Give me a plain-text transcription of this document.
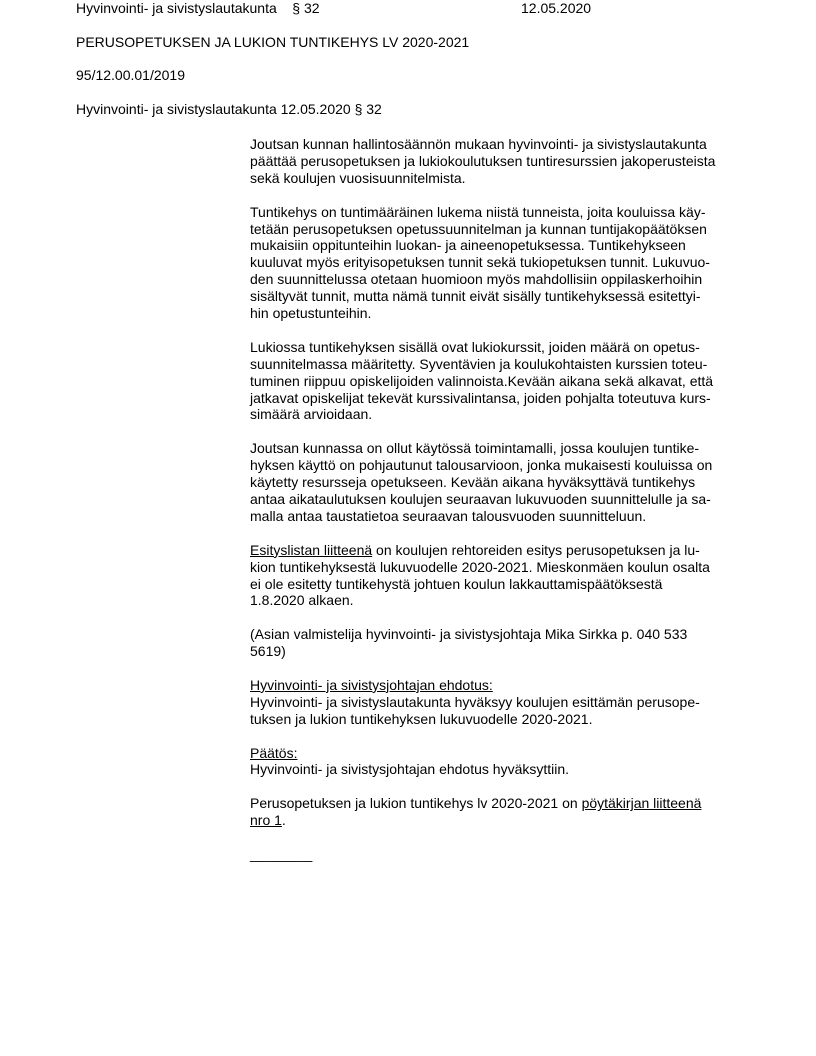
Hyvinvointi- ja sivistyslautakunta    § 32	12.05.2020
PERUSOPETUKSEN JA LUKION TUNTIKEHYS LV 2020-2021
95/12.00.01/2019
Hyvinvointi- ja sivistyslautakunta 12.05.2020 § 32

Joutsan kunnan hallintosäännön mukaan hyvinvointi- ja sivistyslautakunta
päättää perusopetuksen ja lukiokoulutuksen tuntiresurssien jakoperusteista
sekä koulujen vuosisuunnitelmista.

Tuntikehys on tuntimääräinen lukema niistä tunneista, joita kouluissa käy-
tetään perusopetuksen opetussuunnitelman ja kunnan tuntijakopäätöksen
mukaisiin oppitunteihin luokan- ja aineenopetuksessa. Tuntikehykseen
kuuluvat myös erityisopetuksen tunnit sekä tukiopetuksen tunnit. Lukuvuo-
den suunnittelussa otetaan huomioon myös mahdollisiin oppilaskerhoihin
sisältyvät tunnit, mutta nämä tunnit eivät sisälly tuntikehyksessä esitettyi-
hin opetustunteihin.

Lukiossa tuntikehyksen sisällä ovat lukiokurssit, joiden määrä on opetus-
suunnitelmassa määritetty. Syventävien ja koulukohtaisten kurssien toteu-
tuminen riippuu opiskelijoiden valinnoista.Kevään aikana sekä alkavat, että
jatkavat opiskelijat tekevät kurssivalintansa, joiden pohjalta toteutuva kurs-
simäärä arvioidaan.

Joutsan kunnassa on ollut käytössä toimintamalli, jossa koulujen tuntike-
hyksen käyttö on pohjautunut talousarvioon, jonka mukaisesti kouluissa on
käytetty resursseja opetukseen. Kevään aikana hyväksyttävä tuntikehys
antaa aikataulutuksen koulujen seuraavan lukuvuoden suunnittelulle ja sa-
malla antaa taustatietoa seuraavan talousvuoden suunnitteluun.

Esityslistan liitteenä on koulujen rehtoreiden esitys perusopetuksen ja lu-
kion tuntikehyksestä lukuvuodelle 2020-2021. Mieskonmäen koulun osalta
ei ole esitetty tuntikehystä johtuen koulun lakkauttamispäätöksestä
1.8.2020 alkaen.

(Asian valmistelija hyvinvointi- ja sivistysjohtaja Mika Sirkka p. 040 533
5619)

Hyvinvointi- ja sivistysjohtajan ehdotus:
Hyvinvointi- ja sivistyslautakunta hyväksyy koulujen esittämän perusope-
tuksen ja lukion tuntikehyksen lukuvuodelle 2020-2021.

Päätös:
Hyvinvointi- ja sivistysjohtajan ehdotus hyväksyttiin.

Perusopetuksen ja lukion tuntikehys lv 2020-2021 on pöytäkirjan liitteenä
nro 1.

________
